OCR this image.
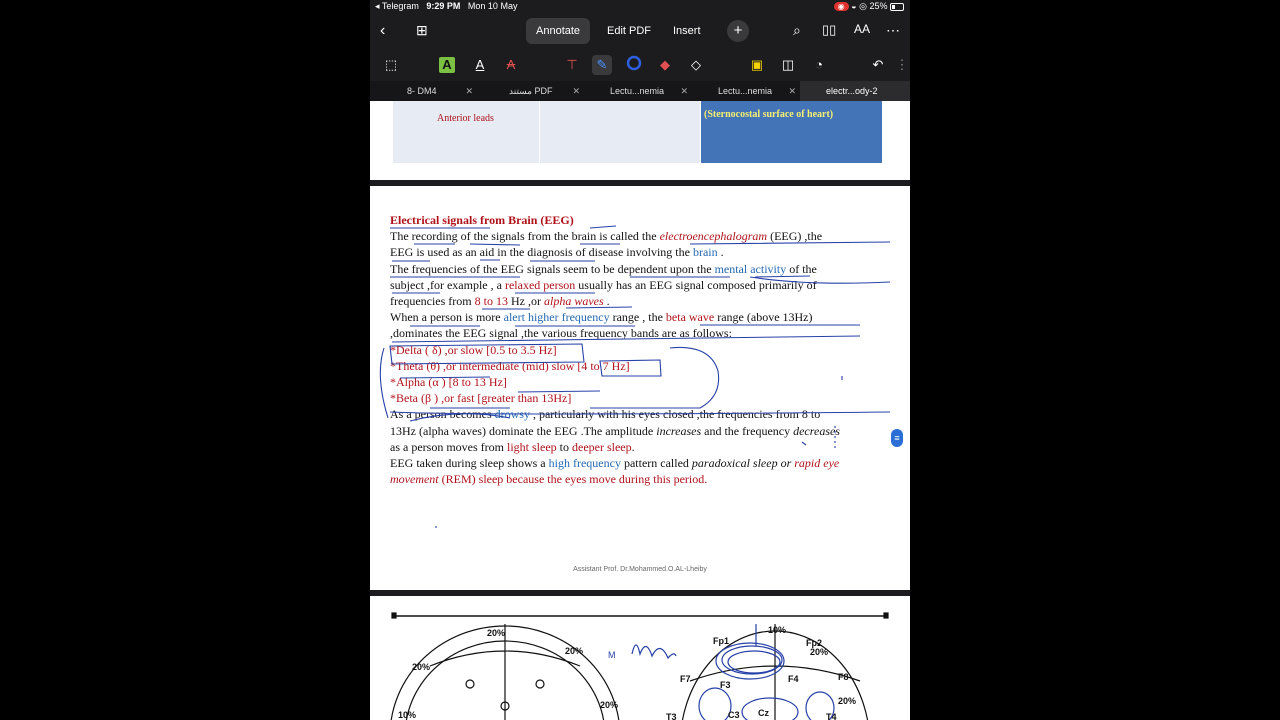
◂ Telegram 9:29 PM Mon 10 May	◉ ◒ ◎ 25%
‹ ⊞	Annotate	Edit PDF	Insert	+	⌕ ▯▯ AA ⋯
⬚	A	A	A	⊤	✎	◆	◇	▣ ◫	◔	↶ ⋮
8- DM4	✕	مستند PDF ✕	Lectu...nemia ✕	Lectu...nemia ✕	electr...ody-2
Anterior leads	(Sternocostal surface of heart)
Electrical signals from Brain (EEG)
The recording of the signals from the brain is called the electroencephalogram (EEG) ,the
EEG is used as an aid in the diagnosis of disease involving the brain .
The frequencies of the EEG signals seem to be dependent upon the mental activity of the
subject ,for example , a relaxed person usually has an EEG signal composed primarily of
frequencies from 8 to 13 Hz ,or alpha waves .
When a person is more alert higher frequency range , the beta wave range (above 13Hz)
,dominates the EEG signal ,the various frequency bands are as follows:
*Delta ( δ) ,or slow [0.5 to 3.5 Hz]
*Theta (θ) ,or intermediate (mid) slow [4 to 7 Hz]
*Alpha (α ) [8 to 13 Hz]
*Beta (β ) ,or fast [greater than 13Hz]
As a person becomes drowsy , particularly with his eyes closed ,the frequencies from 8 to
13Hz (alpha waves) dominate the EEG .The amplitude increases and the frequency decreases
as a person moves from light sleep to deeper sleep.
EEG taken during sleep shows a high frequency pattern called paradoxical sleep or rapid eye
movement (REM) sleep because the eyes move during this period.
Assistant Prof. Dr.Mohammed.O.AL-Lheiby
≡
20%
20%
20%
20%
10%
10%
20%
20%
Fp1	Fp2
F7	F8
F3
F4
T3	C3 Cz	T4
M
